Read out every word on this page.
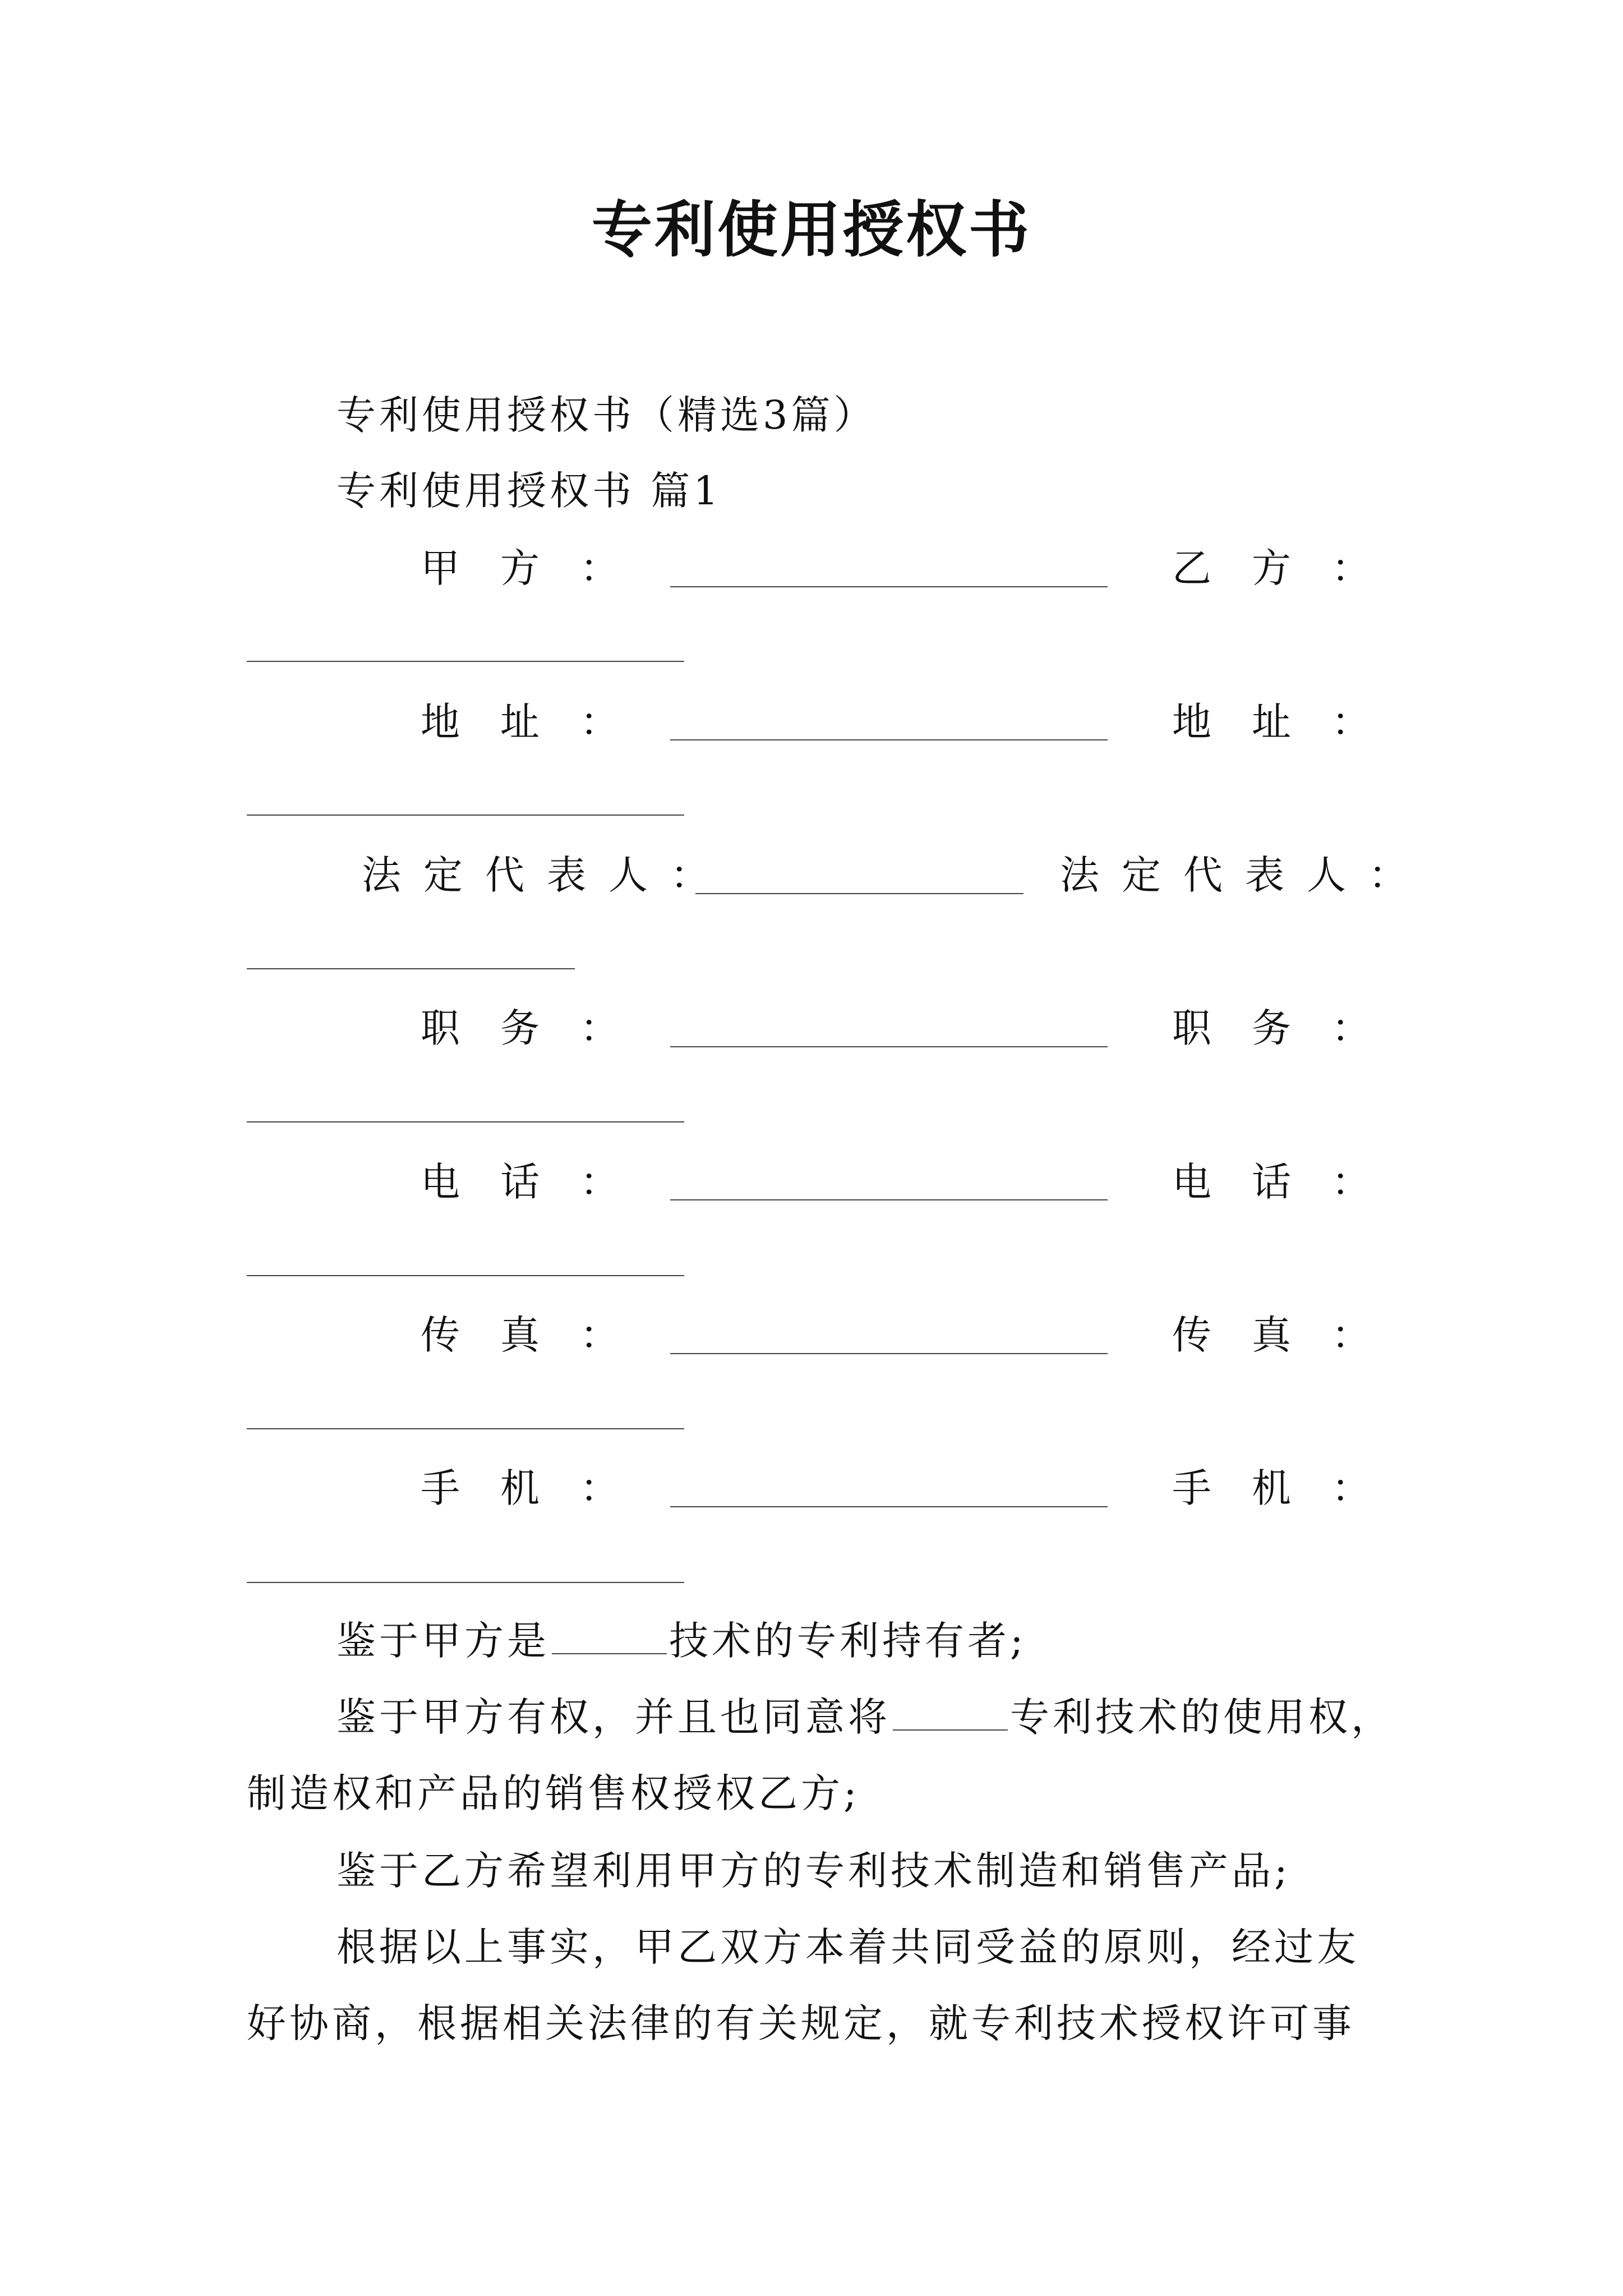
专利使用授权书
专利使用授权书（精选3篇）
专利使用授权书 篇1
甲方：	乙方：
地址：	地址：
法定代表人：	法定代表人：
职务：	职务：
电话：	电话：
传真：	传真：
手机：	手机：
鉴于甲方是	技术的专利持有者;
鉴于甲方有权，并且也同意将	专利技术的使用权，
制造权和产品的销售权授权乙方;
鉴于乙方希望利用甲方的专利技术制造和销售产品;
根据以上事实，甲乙双方本着共同受益的原则，经过友
好协商，根据相关法律的有关规定，就专利技术授权许可事
